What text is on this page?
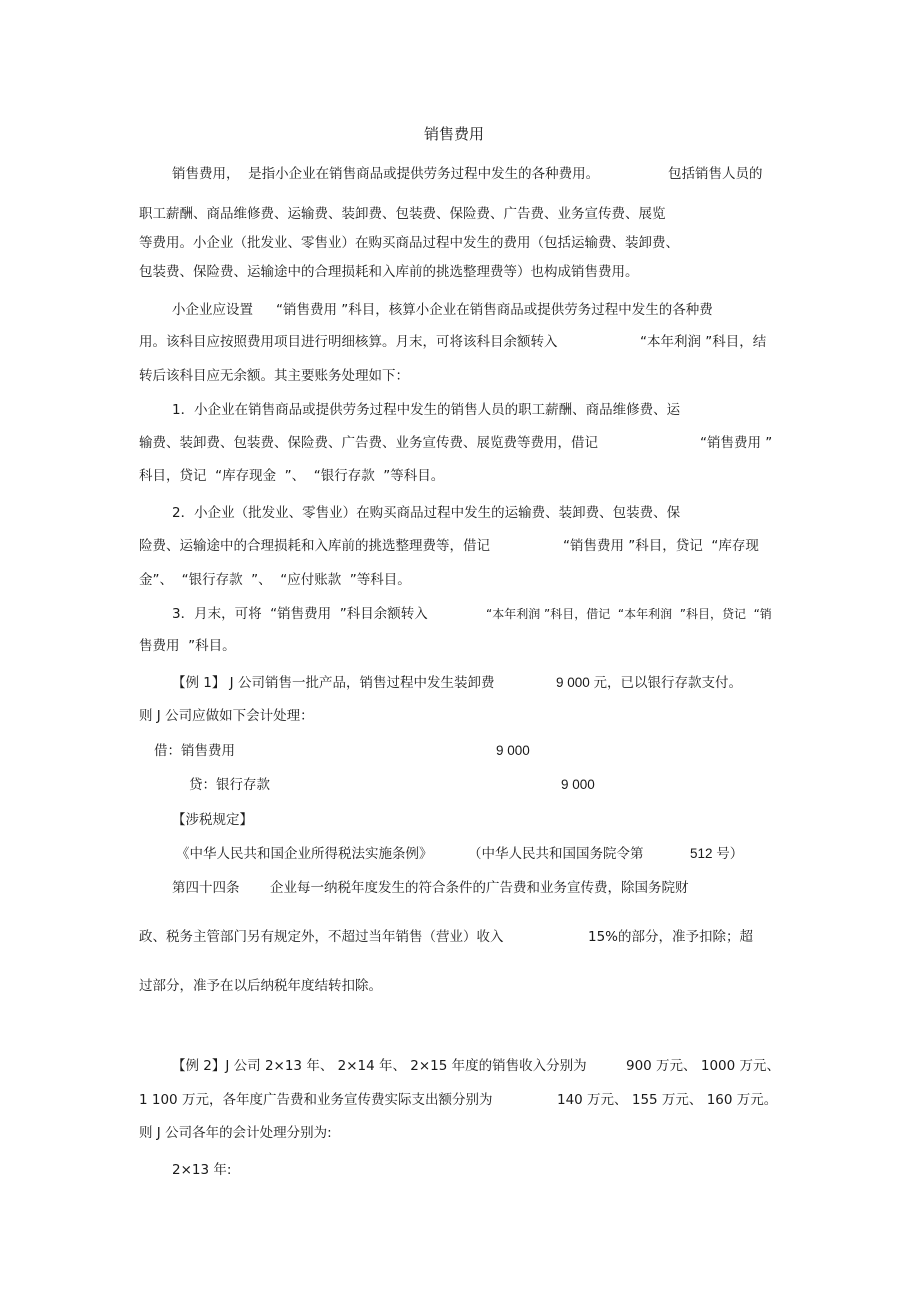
销售费用
销售费用，  是指小企业在销售商品或提供劳务过程中发生的各种费用。	包括销售人员的
职工薪酬、商品维修费、运输费、装卸费、包装费、保险费、广告费、业务宣传费、展览
等费用。小企业（批发业、零售业）在购买商品过程中发生的费用（包括运输费、装卸费、
包装费、保险费、运输途中的合理损耗和入库前的挑选整理费等）也构成销售费用。
小企业应设置 “销售费用 ”科目，核算小企业在销售商品或提供劳务过程中发生的各种费
用。该科目应按照费用项目进行明细核算。月末，可将该科目余额转入	“本年利润 ”科目，结
转后该科目应无余额。其主要账务处理如下：
1．小企业在销售商品或提供劳务过程中发生的销售人员的职工薪酬、商品维修费、运
输费、装卸费、包装费、保险费、广告费、业务宣传费、展览费等费用，借记	“销售费用 ”
科目，贷记  “库存现金  ”、  “银行存款  ”等科目。
2．小企业（批发业、零售业）在购买商品过程中发生的运输费、装卸费、包装费、保
险费、运输途中的合理损耗和入库前的挑选整理费等，借记	“销售费用 ”科目，贷记  “库存现
金”、  “银行存款  ”、  “应付账款  ”等科目。
3．月末，可将  “销售费用  ”科目余额转入	“本年利润 ”科目，借记  “本年利润  ”科目，贷记  “销
售费用  ”科目。
【例 1】 J 公司销售一批产品，销售过程中发生装卸费	9 000 元，已以银行存款支付。
则 J 公司应做如下会计处理：
借：销售费用	9 000
贷：银行存款	9 000
【涉税规定】
《中华人民共和国企业所得税法实施条例》	（中华人民共和国国务院令第	512 号）
第四十四条 企业每一纳税年度发生的符合条件的广告费和业务宣传费，除国务院财
政、税务主管部门另有规定外，不超过当年销售（营业）收入	15%的部分，准予扣除；超
过部分，准予在以后纳税年度结转扣除。
【例 2】J 公司 2×13 年、 2×14 年、 2×15 年度的销售收入分别为	900 万元、 1000 万元、
1 100 万元，各年度广告费和业务宣传费实际支出额分别为	140 万元、 155 万元、 160 万元。
则 J 公司各年的会计处理分别为:
2×13 年:
